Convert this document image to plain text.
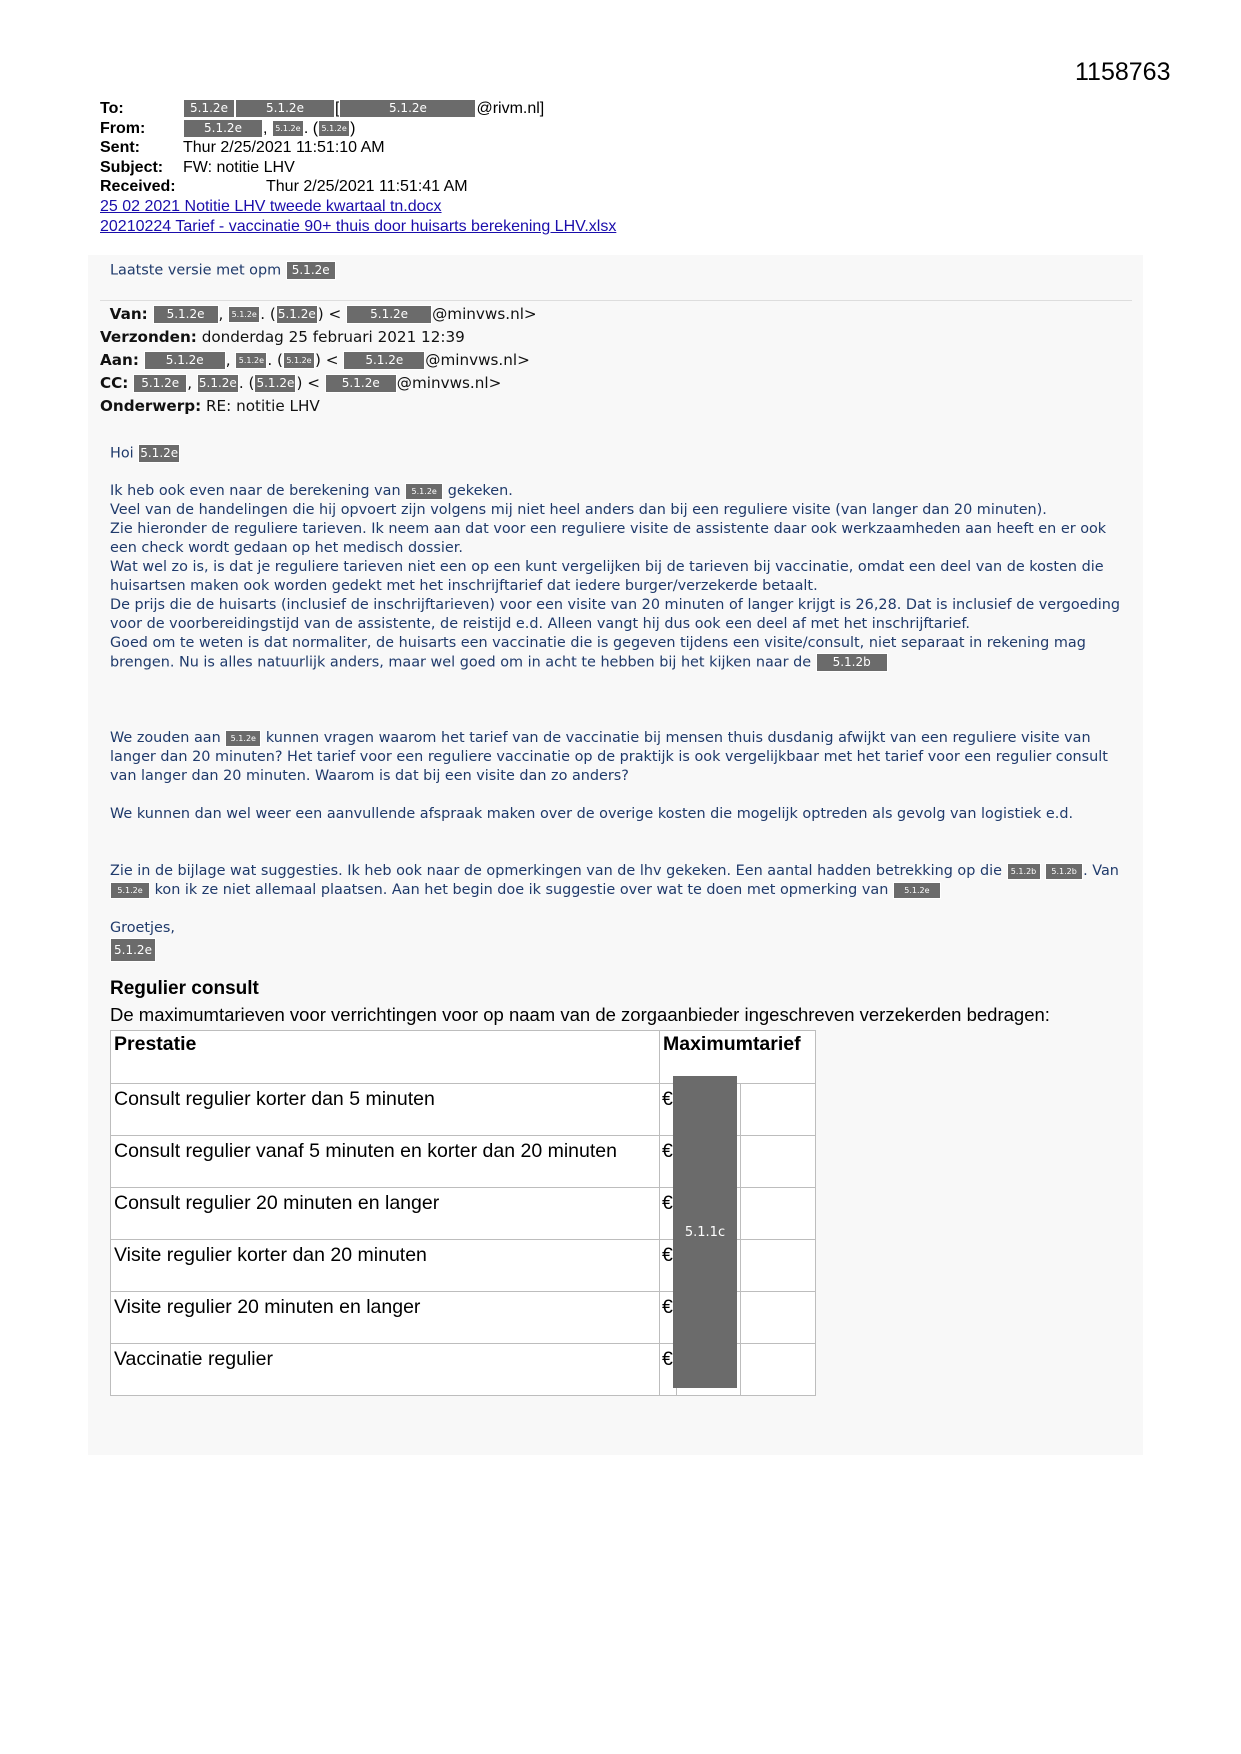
1158763
To:	5.1.2e	5.1.2e [	5.1.2e	@rivm.nl]
From:	5.1.2e , 5.1.2e . ( 5.1.2e )
Sent:	Thur 2/25/2021 11:51:10 AM
Subject: FW: notitie LHV
Received:	Thur 2/25/2021 11:51:41 AM
25 02 2021 Notitie LHV tweede kwartaal tn.docx
20210224 Tarief - vaccinatie 90+ thuis door huisarts berekening LHV.xlsx
Laatste versie met opm 5.1.2e
Van: 5.1.2e , 5.1.2e . ( 5.1.2e ) < 5.1.2e @minvws.nl>
Verzonden: donderdag 25 februari 2021 12:39
Aan: 5.1.2e , 5.1.2e . ( 5.1.2e ) < 5.1.2e @minvws.nl>
CC: 5.1.2e , 5.1.2e . ( 5.1.2e ) < 5.1.2e @minvws.nl>
Onderwerp: RE: notitie LHV
Hoi 5.1.2e

Ik heb ook even naar de berekening van 5.1.2e gekeken.

Veel van de handelingen die hij opvoert zijn volgens mij niet heel anders dan bij een reguliere visite (van langer dan 20 minuten).

Zie hieronder de reguliere tarieven. Ik neem aan dat voor een reguliere visite de assistente daar ook werkzaamheden aan heeft en er ook een check wordt gedaan op het medisch dossier.

Wat wel zo is, is dat je reguliere tarieven niet een op een kunt vergelijken bij de tarieven bij vaccinatie, omdat een deel van de kosten die huisartsen maken ook worden gedekt met het inschrijftarief dat iedere burger/verzekerde betaalt.

De prijs die de huisarts (inclusief de inschrijftarieven) voor een visite van 20 minuten of langer krijgt is 26,28. Dat is inclusief de vergoeding voor de voorbereidingstijd van de assistente, de reistijd e.d. Alleen vangt hij dus ook een deel af met het inschrijftarief.

Goed om te weten is dat normaliter, de huisarts een vaccinatie die is gegeven tijdens een visite/consult, niet separaat in rekening mag brengen. Nu is alles natuurlijk anders, maar wel goed om in acht te hebben bij het kijken naar de 5.1.2b

We zouden aan 5.1.2e kunnen vragen waarom het tarief van de vaccinatie bij mensen thuis dusdanig afwijkt van een reguliere visite van langer dan 20 minuten? Het tarief voor een reguliere vaccinatie op de praktijk is ook vergelijkbaar met het tarief voor een regulier consult van langer dan 20 minuten. Waarom is dat bij een visite dan zo anders?

We kunnen dan wel weer een aanvullende afspraak maken over de overige kosten die mogelijk optreden als gevolg van logistiek e.d.

Zie in de bijlage wat suggesties. Ik heb ook naar de opmerkingen van de lhv gekeken. Een aantal hadden betrekking op die 5.1.2b 5.1.2b . Van 5.1.2e kon ik ze niet allemaal plaatsen. Aan het begin doe ik suggestie over wat te doen met opmerking van 5.1.2e

Groetjes,

5.1.2e

Regulier consult
De maximumtarieven voor verrichtingen voor op naam van de zorgaanbieder ingeschreven verzekerden bedragen:
Prestatie	Maximumtarief		
Consult regulier korter dan 5 minuten	€		
Consult regulier vanaf 5 minuten en korter dan 20 minuten	€		
Consult regulier 20 minuten en langer	€		
Visite regulier korter dan 20 minuten	€		
Visite regulier 20 minuten en langer	€		
Vaccinatie regulier	€		
5.1.1c
